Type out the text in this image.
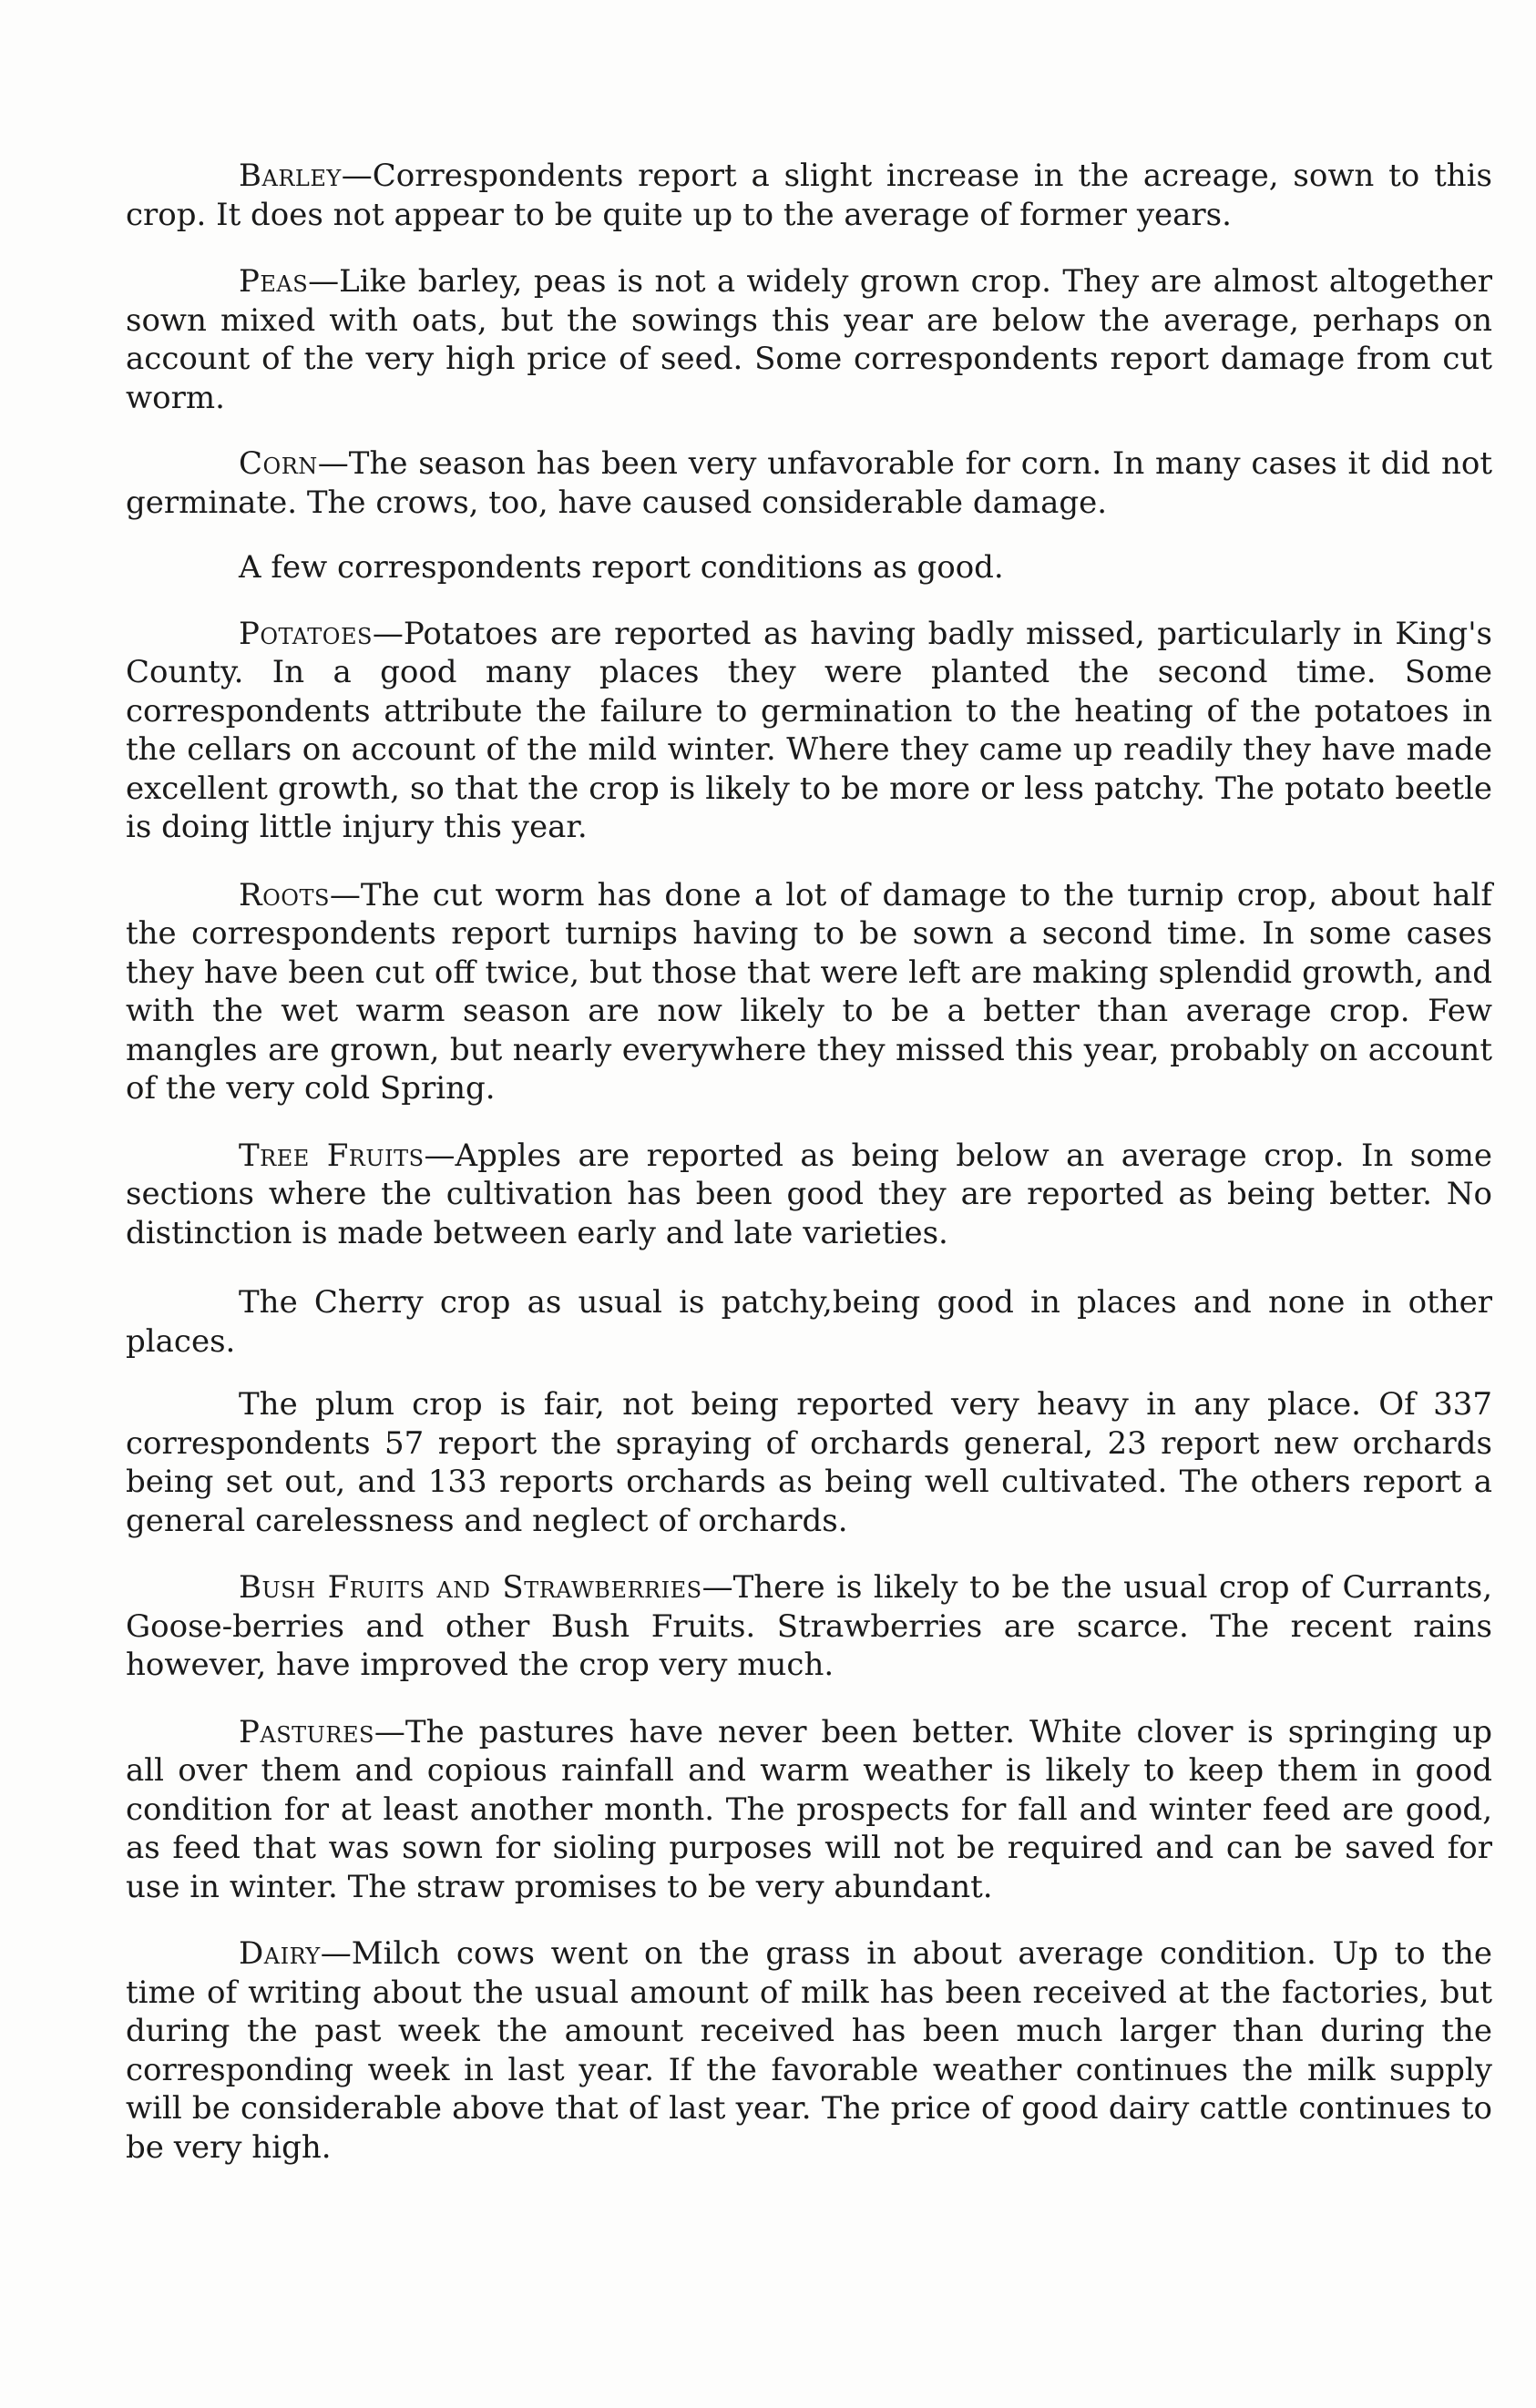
Barley—Correspondents report a slight increase in the acreage, sown to this crop. It does not appear to be quite up to the average of former years.

Peas—Like barley, peas is not a widely grown crop. They are almost altogether sown mixed with oats, but the sowings this year are below the average, perhaps on account of the very high price of seed. Some correspondents report damage from cut worm.

Corn—The season has been very unfavorable for corn. In many cases it did not germinate. The crows, too, have caused considerable damage.

A few correspondents report conditions as good.

Potatoes—Potatoes are reported as having badly missed, particularly in King's County. In a good many places they were planted the second time. Some correspondents attribute the failure to germination to the heating of the potatoes in the cellars on account of the mild winter. Where they came up readily they have made excellent growth, so that the crop is likely to be more or less patchy. The potato beetle is doing little injury this year.

Roots—The cut worm has done a lot of damage to the turnip crop, about half the correspondents report turnips having to be sown a second time. In some cases they have been cut off twice, but those that were left are making splendid growth, and with the wet warm season are now likely to be a better than average crop. Few mangles are grown, but nearly everywhere they missed this year, probably on account of the very cold Spring.

Tree Fruits—Apples are reported as being below an average crop. In some sections where the cultivation has been good they are reported as being better. No distinction is made between early and late varieties.

The Cherry crop as usual is patchy,being good in places and none in other places.

The plum crop is fair, not being reported very heavy in any place. Of 337 correspondents 57 report the spraying of orchards general, 23 report new orchards being set out, and 133 reports orchards as being well cultivated. The others report a general carelessness and neglect of orchards.

Bush Fruits and Strawberries—There is likely to be the usual crop of Currants, Goose-berries and other Bush Fruits. Strawberries are scarce. The recent rains however, have improved the crop very much.

Pastures—The pastures have never been better. White clover is springing up all over them and copious rainfall and warm weather is likely to keep them in good condition for at least another month. The prospects for fall and winter feed are good, as feed that was sown for sioling purposes will not be required and can be saved for use in winter. The straw promises to be very abundant.

Dairy—Milch cows went on the grass in about average condition. Up to the time of writing about the usual amount of milk has been received at the factories, but during the past week the amount received has been much larger than during the corresponding week in last year. If the favorable weather continues the milk supply will be considerable above that of last year. The price of good dairy cattle continues to be very high.
